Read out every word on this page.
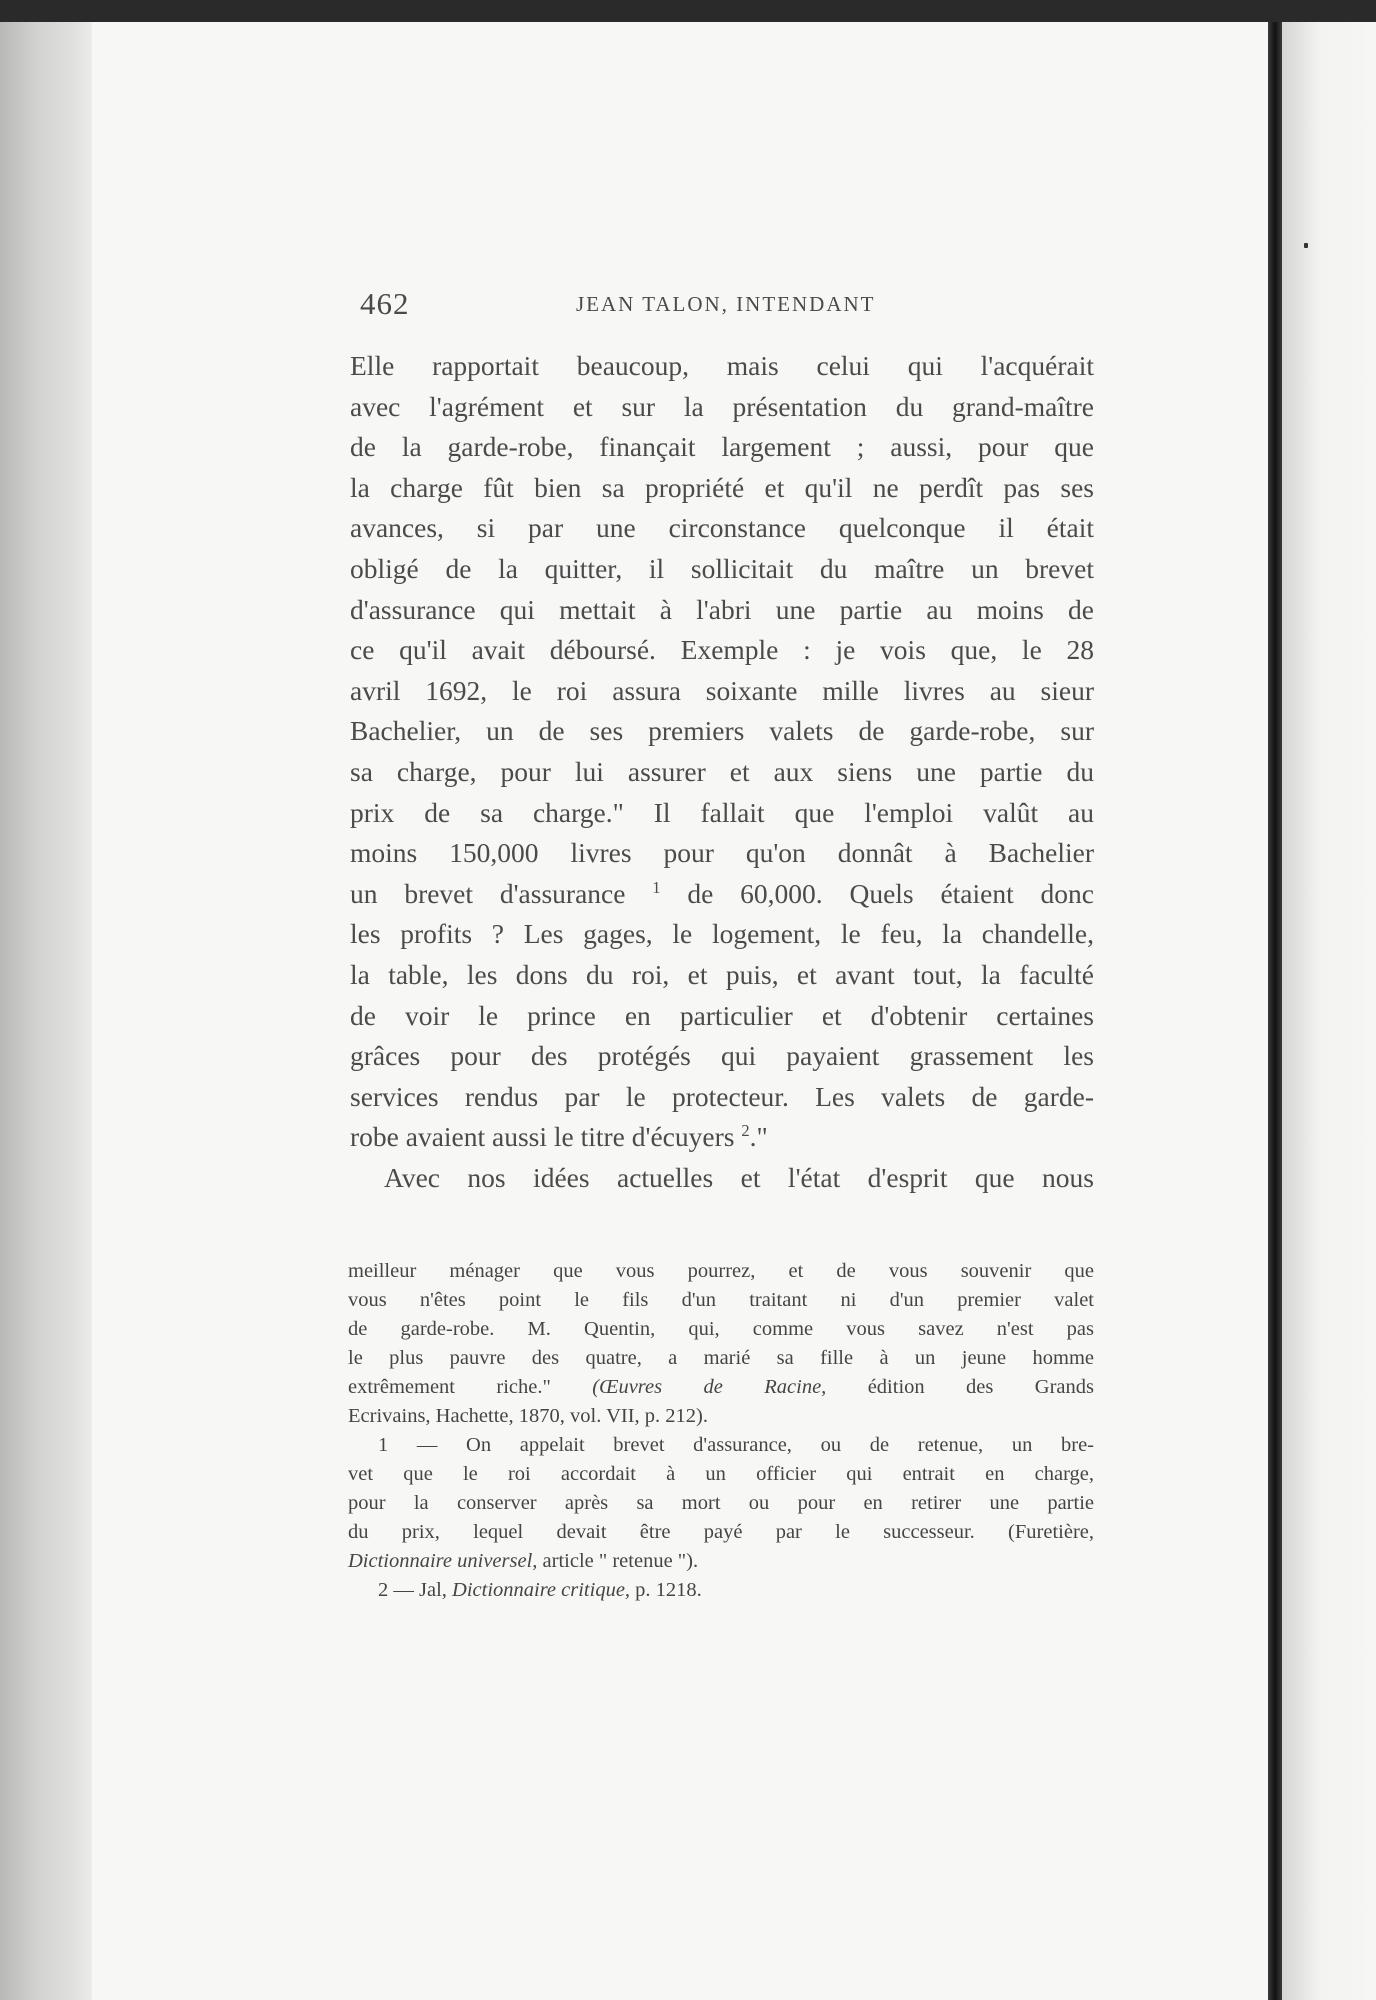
462	JEAN TALON, INTENDANT
Elle rapportait beaucoup, mais celui qui l'acquérait
avec l'agrément et sur la présentation du grand-maître
de la garde-robe, finançait largement ; aussi, pour que
la charge fût bien sa propriété et qu'il ne perdît pas ses
avances, si par une circonstance quelconque il était
obligé de la quitter, il sollicitait du maître un brevet
d'assurance qui mettait à l'abri une partie au moins de
ce qu'il avait déboursé. Exemple : je vois que, le 28
avril 1692, le roi assura soixante mille livres au sieur
Bachelier, un de ses premiers valets de garde-robe, sur
sa charge, pour lui assurer et aux siens une partie du
prix de sa charge." Il fallait que l'emploi valût au
moins 150,000 livres pour qu'on donnât à Bachelier
un brevet d'assurance $^1$ de 60,000. Quels étaient donc
les profits ? Les gages, le logement, le feu, la chandelle,
la table, les dons du roi, et puis, et avant tout, la faculté
de voir le prince en particulier et d'obtenir certaines
grâces pour des protégés qui payaient grassement les
services rendus par le protecteur. Les valets de garde-
robe avaient aussi le titre d'écuyers $^2$."
Avec nos idées actuelles et l'état d'esprit que nous
meilleur ménager que vous pourrez, et de vous souvenir que
vous n'êtes point le fils d'un traitant ni d'un premier valet
de garde-robe. M. Quentin, qui, comme vous savez n'est pas
le plus pauvre des quatre, a marié sa fille à un jeune homme
extrêmement riche." (Œuvres de Racine, édition des Grands
Ecrivains, Hachette, 1870, vol. VII, p. 212).
1 — On appelait brevet d'assurance, ou de retenue, un bre-
vet que le roi accordait à un officier qui entrait en charge,
pour la conserver après sa mort ou pour en retirer une partie
du prix, lequel devait être payé par le successeur. (Furetière,
Dictionnaire universel, article " retenue ").
2 — Jal, Dictionnaire critique, p. 1218.
